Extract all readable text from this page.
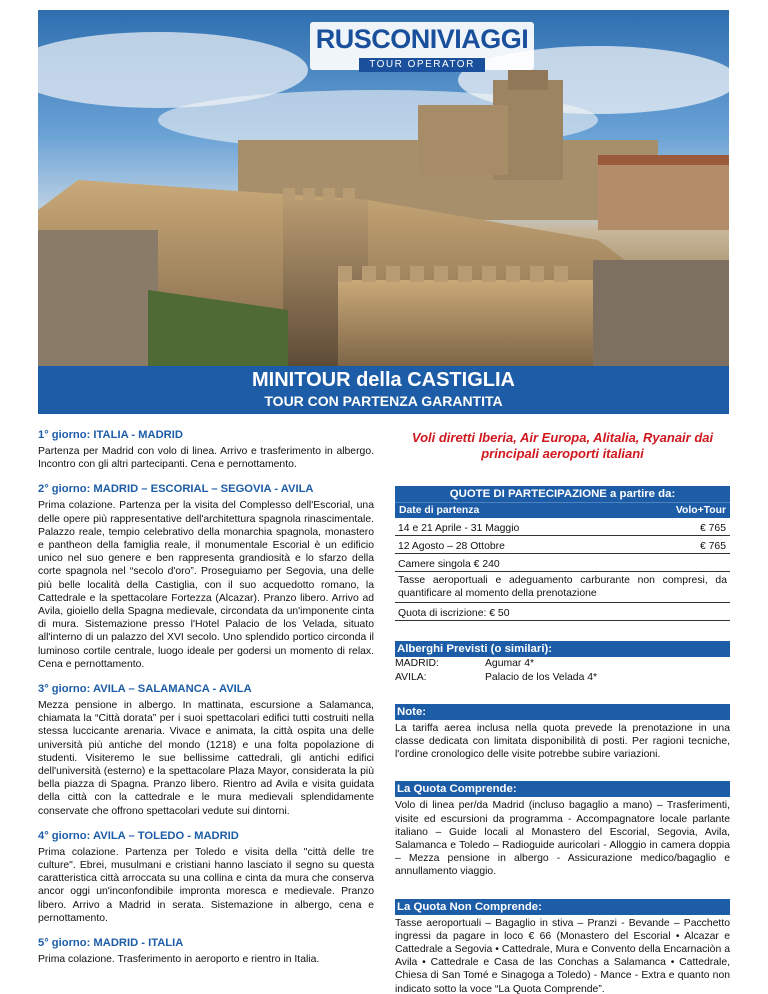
RUSCONIVIAGGI
TOUR OPERATOR
MINITOUR della CASTIGLIA
TOUR CON PARTENZA GARANTITA
1° giorno: ITALIA - MADRID

Partenza per Madrid con volo di linea. Arrivo e trasferimento in albergo. Incontro con gli altri partecipanti. Cena e pernottamento.

2° giorno: MADRID – ESCORIAL – SEGOVIA - AVILA

Prima colazione. Partenza per la visita del Complesso dell'Escorial, una delle opere più rappresentative dell'architettura spagnola rinascimentale. Palazzo reale, tempio celebrativo della monarchia spagnola, monastero e pantheon della famiglia reale, il monumentale Escorial è un edificio unico nel suo genere e ben rappresenta grandiosità e lo sfarzo della corte spagnola nel “secolo d'oro”. Proseguiamo per Segovia, una delle più belle località della Castiglia, con il suo acquedotto romano, la Cattedrale e la spettacolare Fortezza (Alcazar). Pranzo libero. Arrivo ad Avila, gioiello della Spagna medievale, circondata da un'imponente cinta di mura. Sistemazione presso l'Hotel Palacio de los Velada, situato all'interno di un palazzo del XVI secolo. Uno splendido portico circonda il luminoso cortile centrale, luogo ideale per godersi un momento di relax. Cena e pernottamento.

3° giorno: AVILA – SALAMANCA - AVILA

Mezza pensione in albergo. In mattinata, escursione a Salamanca, chiamata la “Città dorata” per i suoi spettacolari edifici tutti costruiti nella stessa luccicante arenaria. Vivace e animata, la città ospita una delle università più antiche del mondo (1218) e una folta popolazione di studenti. Visiteremo le sue bellissime cattedrali, gli antichi edifici dell'università (esterno) e la spettacolare Plaza Mayor, considerata la più bella piazza di Spagna. Pranzo libero. Rientro ad Avila e visita guidata della città con la cattedrale e le mura medievali splendidamente conservate che offrono spettacolari vedute sui dintorni.

4° giorno: AVILA – TOLEDO - MADRID

Prima colazione. Partenza per Toledo e visita della "città delle tre culture". Ebrei, musulmani e cristiani hanno lasciato il segno su questa caratteristica città arroccata su una collina e cinta da mura che conserva ancor oggi un'inconfondibile impronta moresca e medievale. Pranzo libero. Arrivo a Madrid in serata. Sistemazione in albergo, cena e pernottamento.

5° giorno: MADRID - ITALIA

Prima colazione. Trasferimento in aeroporto e rientro in Italia.

Voli diretti Iberia, Air Europa, Alitalia, Ryanair dai principali aeroporti italiani
QUOTE DI PARTECIPAZIONE a partire da:
Date di partenza	Volo+Tour
14 e 21 Aprile - 31 Maggio	€ 765
12 Agosto – 28 Ottobre	€ 765
Camere singola € 240
Tasse aeroportuali e adeguamento carburante non compresi, da quantificare al momento della prenotazione
Quota di iscrizione: € 50
Alberghi Previsti (o similari):
MADRID:	Agumar 4*
AVILA:	Palacio de los Velada 4*
Note:

La tariffa aerea inclusa nella quota prevede la prenotazione in una classe dedicata con limitata disponibilità di posti. Per ragioni tecniche, l'ordine cronologico delle visite potrebbe subire variazioni.

La Quota Comprende:

Volo di linea per/da Madrid (incluso bagaglio a mano) – Trasferimenti, visite ed escursioni da programma - Accompagnatore locale parlante italiano – Guide locali al Monastero del Escorial, Segovia, Avila, Salamanca e Toledo – Radioguide auricolari - Alloggio in camera doppia – Mezza pensione in albergo - Assicurazione medico/bagaglio e annullamento viaggio.

La Quota Non Comprende:

Tasse aeroportuali – Bagaglio in stiva – Pranzi - Bevande – Pacchetto ingressi da pagare in loco € 66 (Monastero del Escorial • Alcazar e Cattedrale a Segovia • Cattedrale, Mura e Convento della Encarnaciòn a Avila • Cattedrale e Casa de las Conchas a Salamanca • Cattedrale, Chiesa di San Tomé e Sinagoga a Toledo) - Mance - Extra e quanto non indicato sotto la voce “La Quota Comprende”.
